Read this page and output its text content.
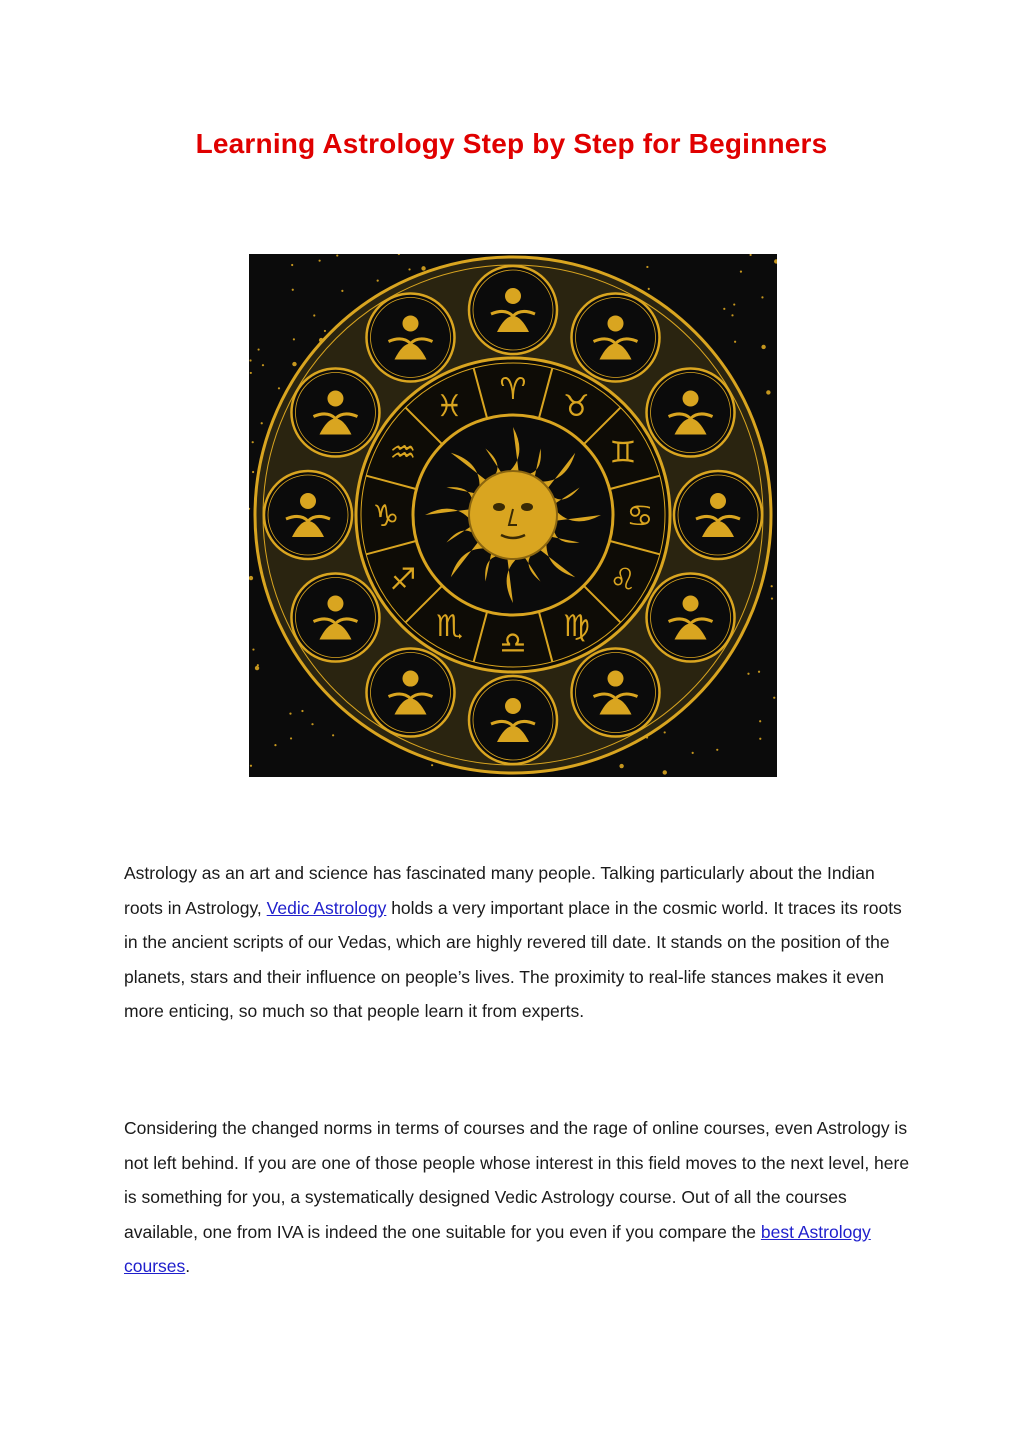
Learning Astrology Step by Step for Beginners
♈ ♉
♊
♋
♌
♍
♎
♏
♐
♑
♒
♓

Astrology as an art and science has fascinated many people. Talking particularly about the Indian roots in Astrology, Vedic Astrology holds a very important place in the cosmic world. It traces its roots in the ancient scripts of our Vedas, which are highly revered till date. It stands on the position of the planets, stars and their influence on people’s lives. The proximity to real-life stances makes it even more enticing, so much so that people learn it from experts.

Considering the changed norms in terms of courses and the rage of online courses, even Astrology is not left behind. If you are one of those people whose interest in this field moves to the next level, here is something for you, a systematically designed Vedic Astrology course. Out of all the courses available, one from IVA is indeed the one suitable for you even if you compare the best Astrology courses.
